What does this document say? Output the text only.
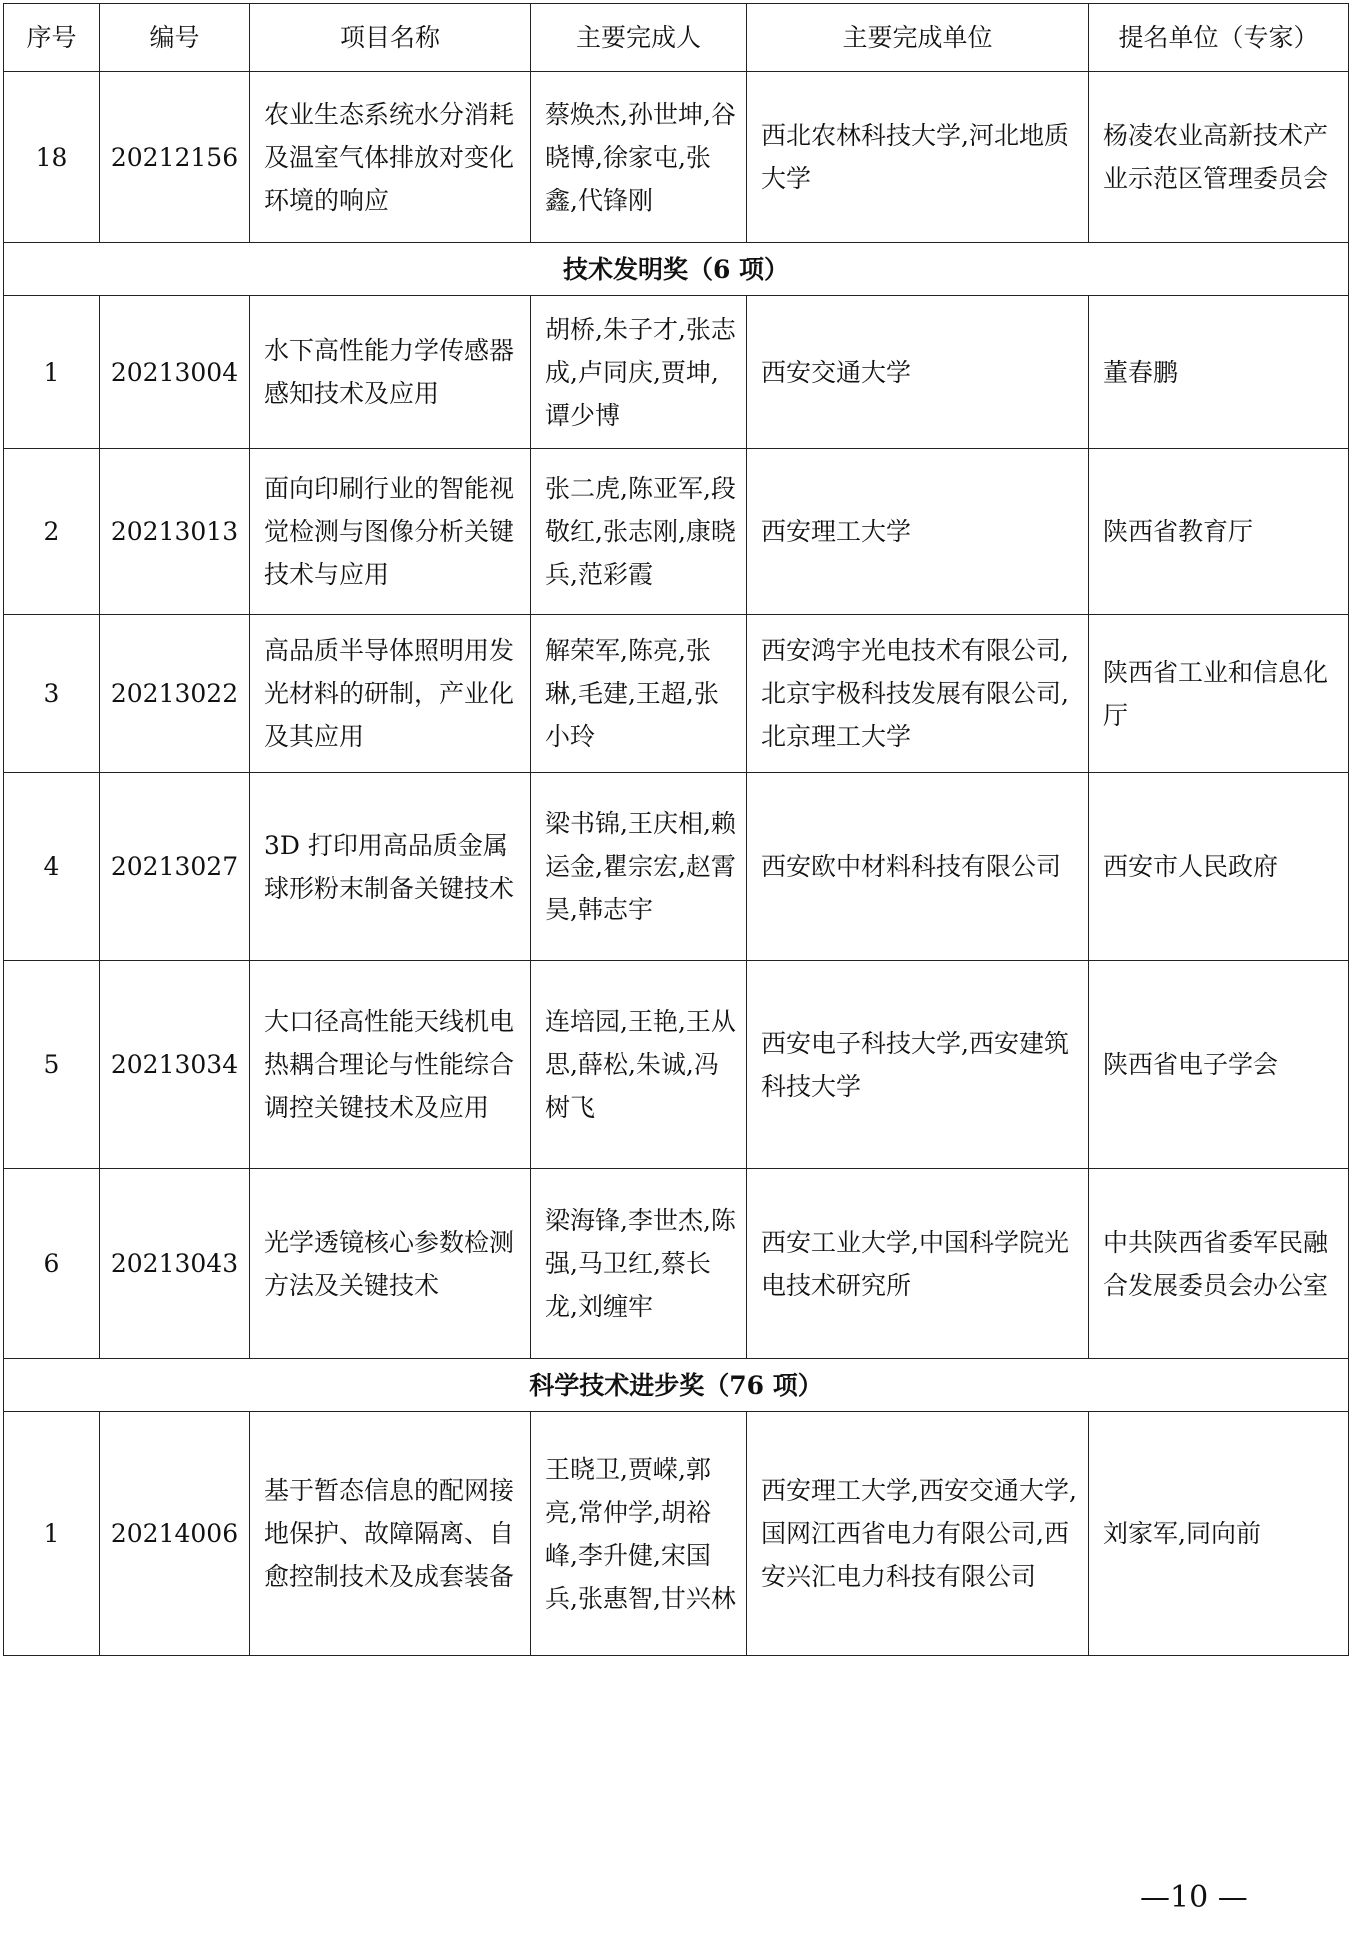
序号	编号	项目名称	主要完成人	主要完成单位	提名单位（专家）
18	20212156	农业生态系统水分消耗及温室气体排放对变化环境的响应	蔡焕杰,孙世坤,谷晓博,徐家屯,张鑫,代锋刚	西北农林科技大学,河北地质大学	杨凌农业高新技术产业示范区管理委员会
技术发明奖（6 项）					
1	20213004	水下高性能力学传感器感知技术及应用	胡桥,朱子才,张志成,卢同庆,贾坤,谭少博	西安交通大学	董春鹏
2	20213013	面向印刷行业的智能视觉检测与图像分析关键技术与应用	张二虎,陈亚军,段敬红,张志刚,康晓兵,范彩霞	西安理工大学	陕西省教育厅
3	20213022	高品质半导体照明用发光材料的研制，产业化及其应用	解荣军,陈亮,张琳,毛建,王超,张小玲	西安鸿宇光电技术有限公司,北京宇极科技发展有限公司,北京理工大学	陕西省工业和信息化厅
4	20213027	3D 打印用高品质金属球形粉末制备关键技术	梁书锦,王庆相,赖运金,瞿宗宏,赵霄昊,韩志宇	西安欧中材料科技有限公司	西安市人民政府
5	20213034	大口径高性能天线机电热耦合理论与性能综合调控关键技术及应用	连培园,王艳,王从思,薛松,朱诚,冯树飞	西安电子科技大学,西安建筑科技大学	陕西省电子学会
6	20213043	光学透镜核心参数检测方法及关键技术	梁海锋,李世杰,陈强,马卫红,蔡长龙,刘缠牢	西安工业大学,中国科学院光电技术研究所	中共陕西省委军民融合发展委员会办公室
科学技术进步奖（76 项）					
1	20214006	基于暂态信息的配网接地保护、故障隔离、自愈控制技术及成套装备	王晓卫,贾嵘,郭亮,常仲学,胡裕峰,李升健,宋国兵,张惠智,甘兴林	西安理工大学,西安交通大学,国网江西省电力有限公司,西安兴汇电力科技有限公司	刘家军,同向前
—10 —
